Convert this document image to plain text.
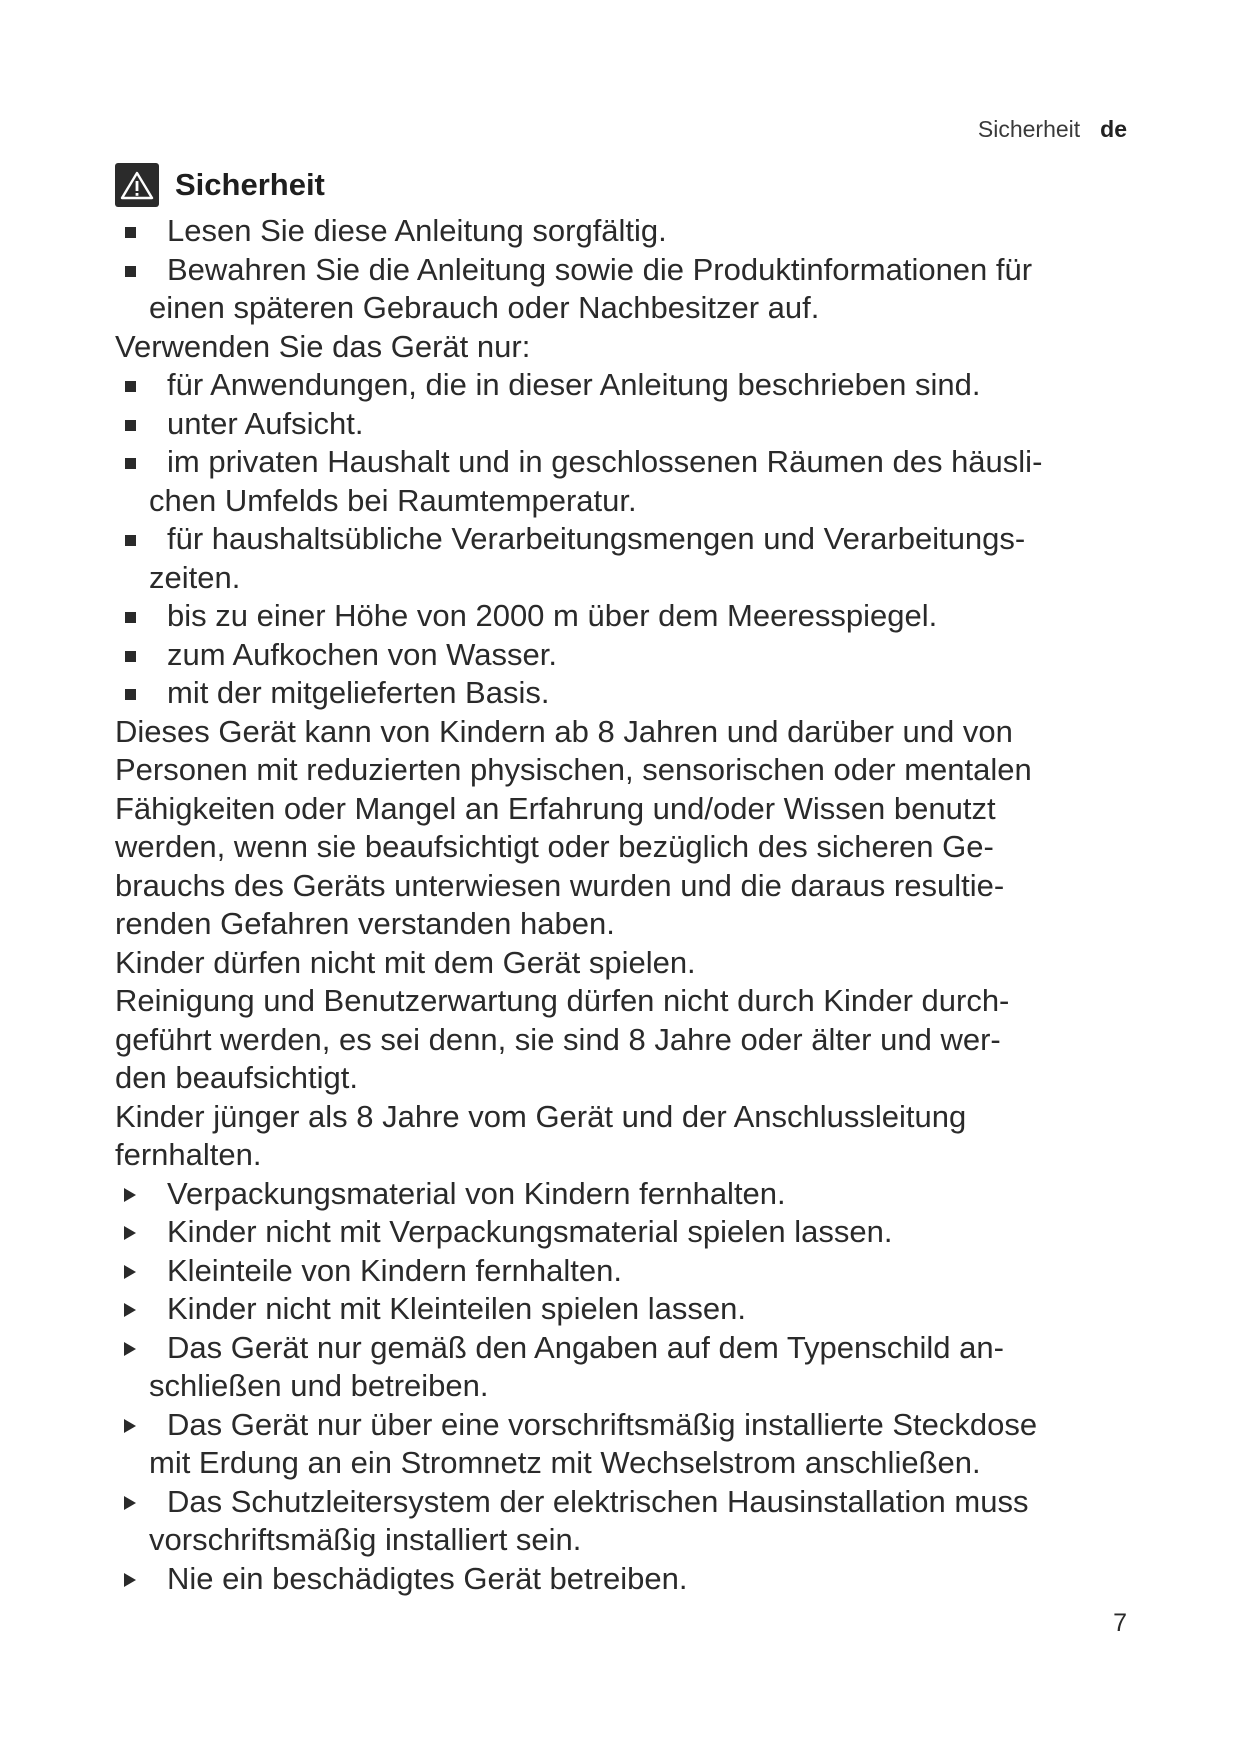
Sicherheit de
Sicherheit
Lesen Sie diese Anleitung sorgfältig.
Bewahren Sie die Anleitung sowie die Produktinformationen für
einen späteren Gebrauch oder Nachbesitzer auf.

Verwenden Sie das Gerät nur:

für Anwendungen, die in dieser Anleitung beschrieben sind.
unter Aufsicht.
im privaten Haushalt und in geschlossenen Räumen des häusli-
chen Umfelds bei Raumtemperatur.
für haushaltsübliche Verarbeitungsmengen und Verarbeitungs-
zeiten.
bis zu einer Höhe von 2000 m über dem Meeresspiegel.
zum Aufkochen von Wasser.
mit der mitgelieferten Basis.

Dieses Gerät kann von Kindern ab 8 Jahren und darüber und von

Personen mit reduzierten physischen, sensorischen oder mentalen

Fähigkeiten oder Mangel an Erfahrung und/oder Wissen benutzt

werden, wenn sie beaufsichtigt oder bezüglich des sicheren Ge-

brauchs des Geräts unterwiesen wurden und die daraus resultie-

renden Gefahren verstanden haben.

Kinder dürfen nicht mit dem Gerät spielen.

Reinigung und Benutzerwartung dürfen nicht durch Kinder durch-

geführt werden, es sei denn, sie sind 8 Jahre oder älter und wer-

den beaufsichtigt.

Kinder jünger als 8 Jahre vom Gerät und der Anschlussleitung

fernhalten.

Verpackungsmaterial von Kindern fernhalten.
Kinder nicht mit Verpackungsmaterial spielen lassen.
Kleinteile von Kindern fernhalten.
Kinder nicht mit Kleinteilen spielen lassen.
Das Gerät nur gemäß den Angaben auf dem Typenschild an-
schließen und betreiben.
Das Gerät nur über eine vorschriftsmäßig installierte Steckdose
mit Erdung an ein Stromnetz mit Wechselstrom anschließen.
Das Schutzleitersystem der elektrischen Hausinstallation muss
vorschriftsmäßig installiert sein.
Nie ein beschädigtes Gerät betreiben.
7
